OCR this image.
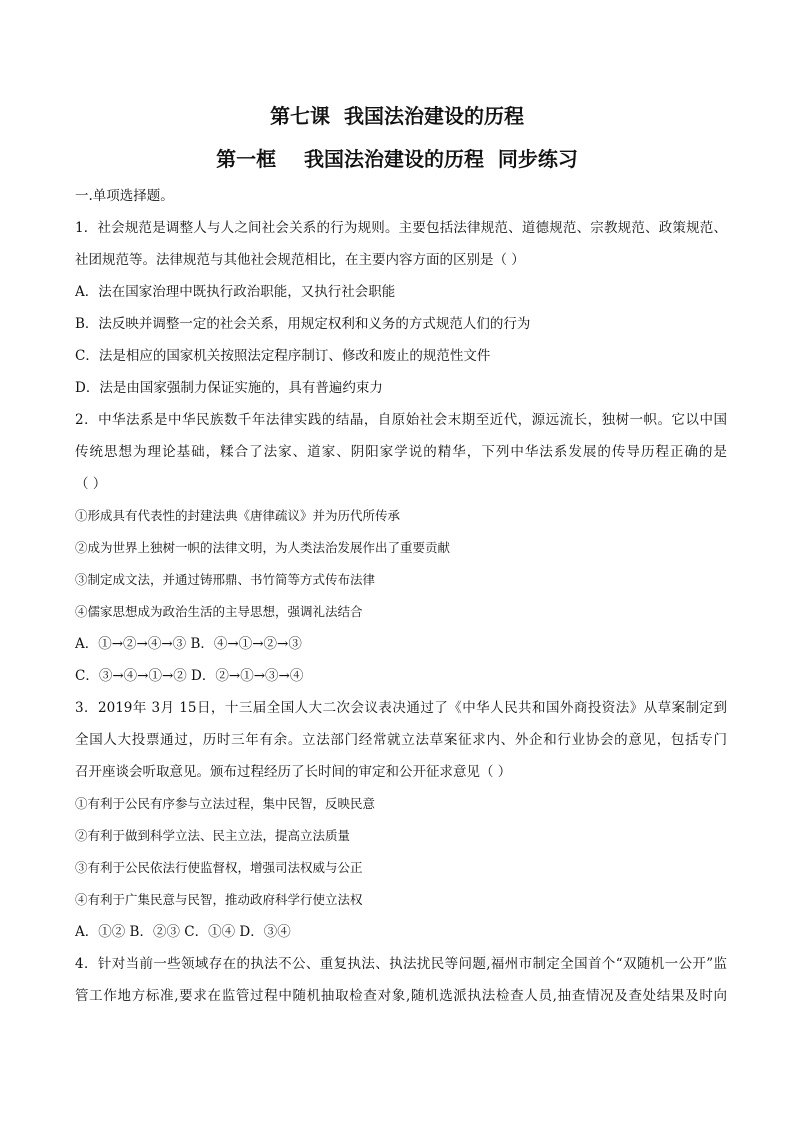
第七课  我国法治建设的历程
第一框    我国法治建设的历程  同步练习
一.单项选择题。
1．社会规范是调整人与人之间社会关系的行为规则。主要包括法律规范、道德规范、宗教规范、政策规范、
社团规范等。法律规范与其他社会规范相比，在主要内容方面的区别是（ ）
A．法在国家治理中既执行政治职能，又执行社会职能
B．法反映并调整一定的社会关系，用规定权利和义务的方式规范人们的行为
C．法是相应的国家机关按照法定程序制订、修改和废止的规范性文件
D．法是由国家强制力保证实施的，具有普遍约束力
2．中华法系是中华民族数千年法律实践的结晶，自原始社会末期至近代，源远流长，独树一帜。它以中国
传统思想为理论基础，糅合了法家、道家、阴阳家学说的精华，下列中华法系发展的传导历程正确的是
（ ）
①形成具有代表性的封建法典《唐律疏议》并为历代所传承
②成为世界上独树一帜的法律文明，为人类法治发展作出了重要贡献
③制定成文法，并通过铸邢鼎、书竹简等方式传布法律
④儒家思想成为政治生活的主导思想，强调礼法结合
A．①→②→④→③ B．④→①→②→③
C．③→④→①→② D．②→①→③→④
3．2019年 3月 15日，十三届全国人大二次会议表决通过了《中华人民共和国外商投资法》从草案制定到
全国人大投票通过，历时三年有余。立法部门经常就立法草案征求内、外企和行业协会的意见，包括专门
召开座谈会听取意见。颁布过程经历了长时间的审定和公开征求意见（ ）
①有利于公民有序参与立法过程，集中民智，反映民意
②有利于做到科学立法、民主立法，提高立法质量
③有利于公民依法行使监督权，增强司法权威与公正
④有利于广集民意与民智，推动政府科学行使立法权
A．①② B．②③ C．①④ D．③④
4．针对当前一些领域存在的执法不公、重复执法、执法扰民等问题,福州市制定全国首个“双随机一公开”监
管工作地方标准,要求在监管过程中随机抽取检查对象,随机选派执法检查人员,抽查情况及查处结果及时向
